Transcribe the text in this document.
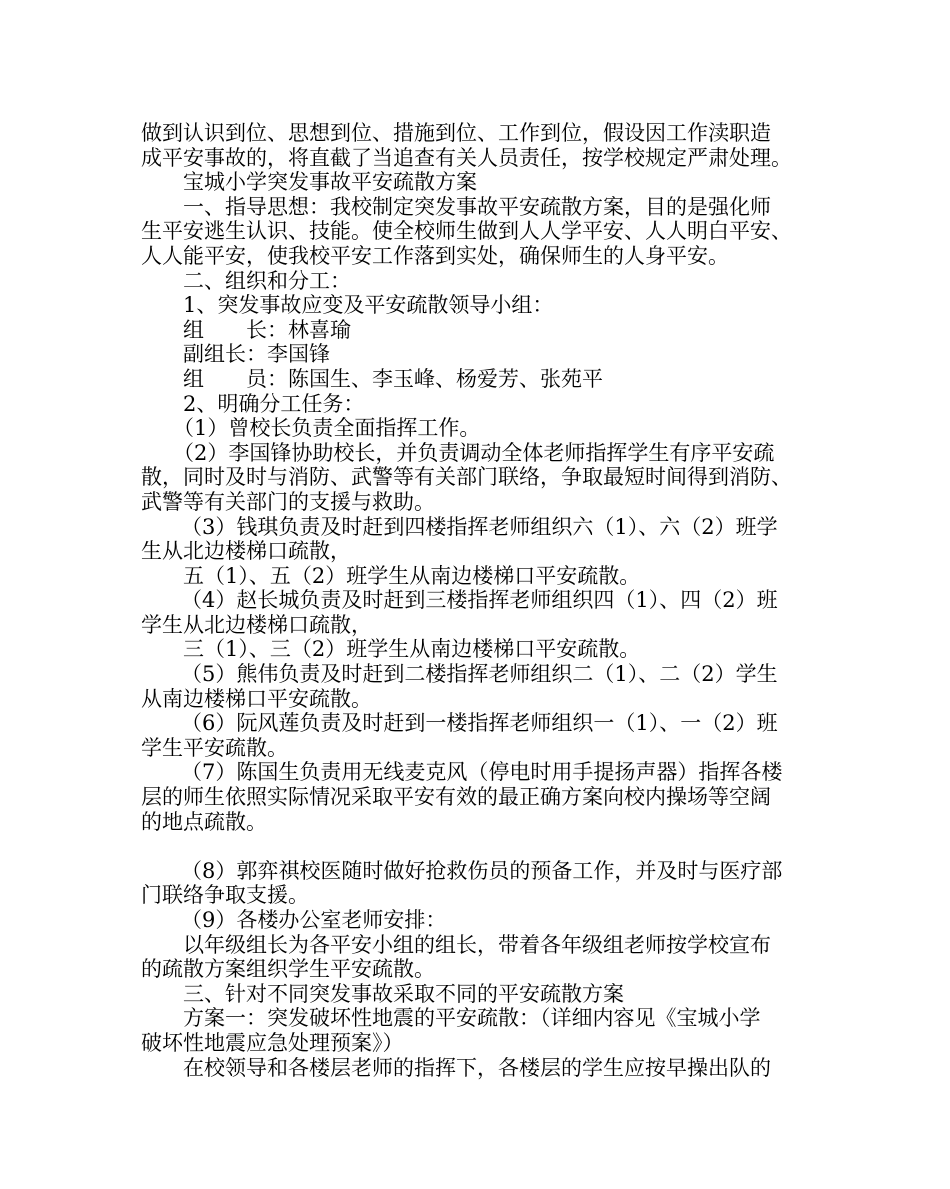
做到认识到位、思想到位、措施到位、工作到位，假设因工作渎职造

成平安事故的，将直截了当追查有关人员责任，按学校规定严肃处理。

宝城小学突发事故平安疏散方案

一、指导思想：我校制定突发事故平安疏散方案，目的是强化师

生平安逃生认识、技能。使全校师生做到人人学平安、人人明白平安、

人人能平安，使我校平安工作落到实处，确保师生的人身平安。

二、组织和分工：

1、突发事故应变及平安疏散领导小组：

组　　长：林喜瑜

副组长：李国锋

组　　员：陈国生、李玉峰、杨爱芳、张苑平

2、明确分工任务：

（1）曾校长负责全面指挥工作。

（2）李国锋协助校长，并负责调动全体老师指挥学生有序平安疏

散，同时及时与消防、武警等有关部门联络，争取最短时间得到消防、

武警等有关部门的支援与救助。

（3）钱琪负责及时赶到四楼指挥老师组织六（1）、六（2）班学

生从北边楼梯口疏散，

五（1）、五（2）班学生从南边楼梯口平安疏散。

（4）赵长城负责及时赶到三楼指挥老师组织四（1）、四（2）班

学生从北边楼梯口疏散，

三（1）、三（2）班学生从南边楼梯口平安疏散。

（5）熊伟负责及时赶到二楼指挥老师组织二（1）、二（2）学生

从南边楼梯口平安疏散。

（6）阮风莲负责及时赶到一楼指挥老师组织一（1）、一（2）班

学生平安疏散。

（7）陈国生负责用无线麦克风（停电时用手提扬声器）指挥各楼

层的师生依照实际情况采取平安有效的最正确方案向校内操场等空阔

的地点疏散。

（8）郭弈祺校医随时做好抢救伤员的预备工作，并及时与医疗部

门联络争取支援。

（9）各楼办公室老师安排：

以年级组长为各平安小组的组长，带着各年级组老师按学校宣布

的疏散方案组织学生平安疏散。

三、针对不同突发事故采取不同的平安疏散方案

方案一：突发破坏性地震的平安疏散：（详细内容见《宝城小学

破坏性地震应急处理预案》）

在校领导和各楼层老师的指挥下，各楼层的学生应按早操出队的
